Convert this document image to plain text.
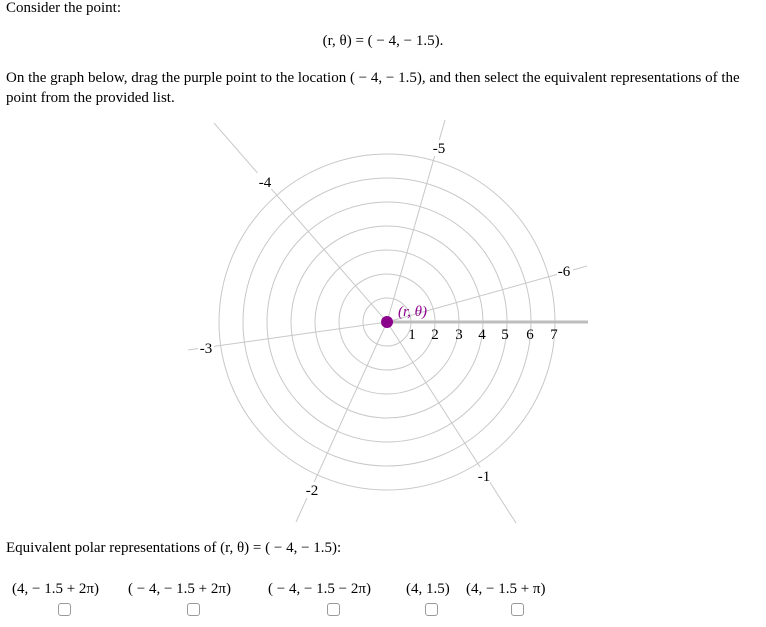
Consider the point:
(r, θ) = ( − 4, − 1.5).
On the graph below, drag the purple point to the location ( − 4, − 1.5), and then select the equivalent representations of the point from the provided list.
1 2 3 4 5 6 7
-1
-2
-3
-4
-5
-6
(r, θ)
Equivalent polar representations of (r, θ) = ( − 4, − 1.5):
(4, − 1.5 + 2π) ( − 4, − 1.5 + 2π) ( − 4, − 1.5 − 2π) (4, 1.5) (4, − 1.5 + π)
